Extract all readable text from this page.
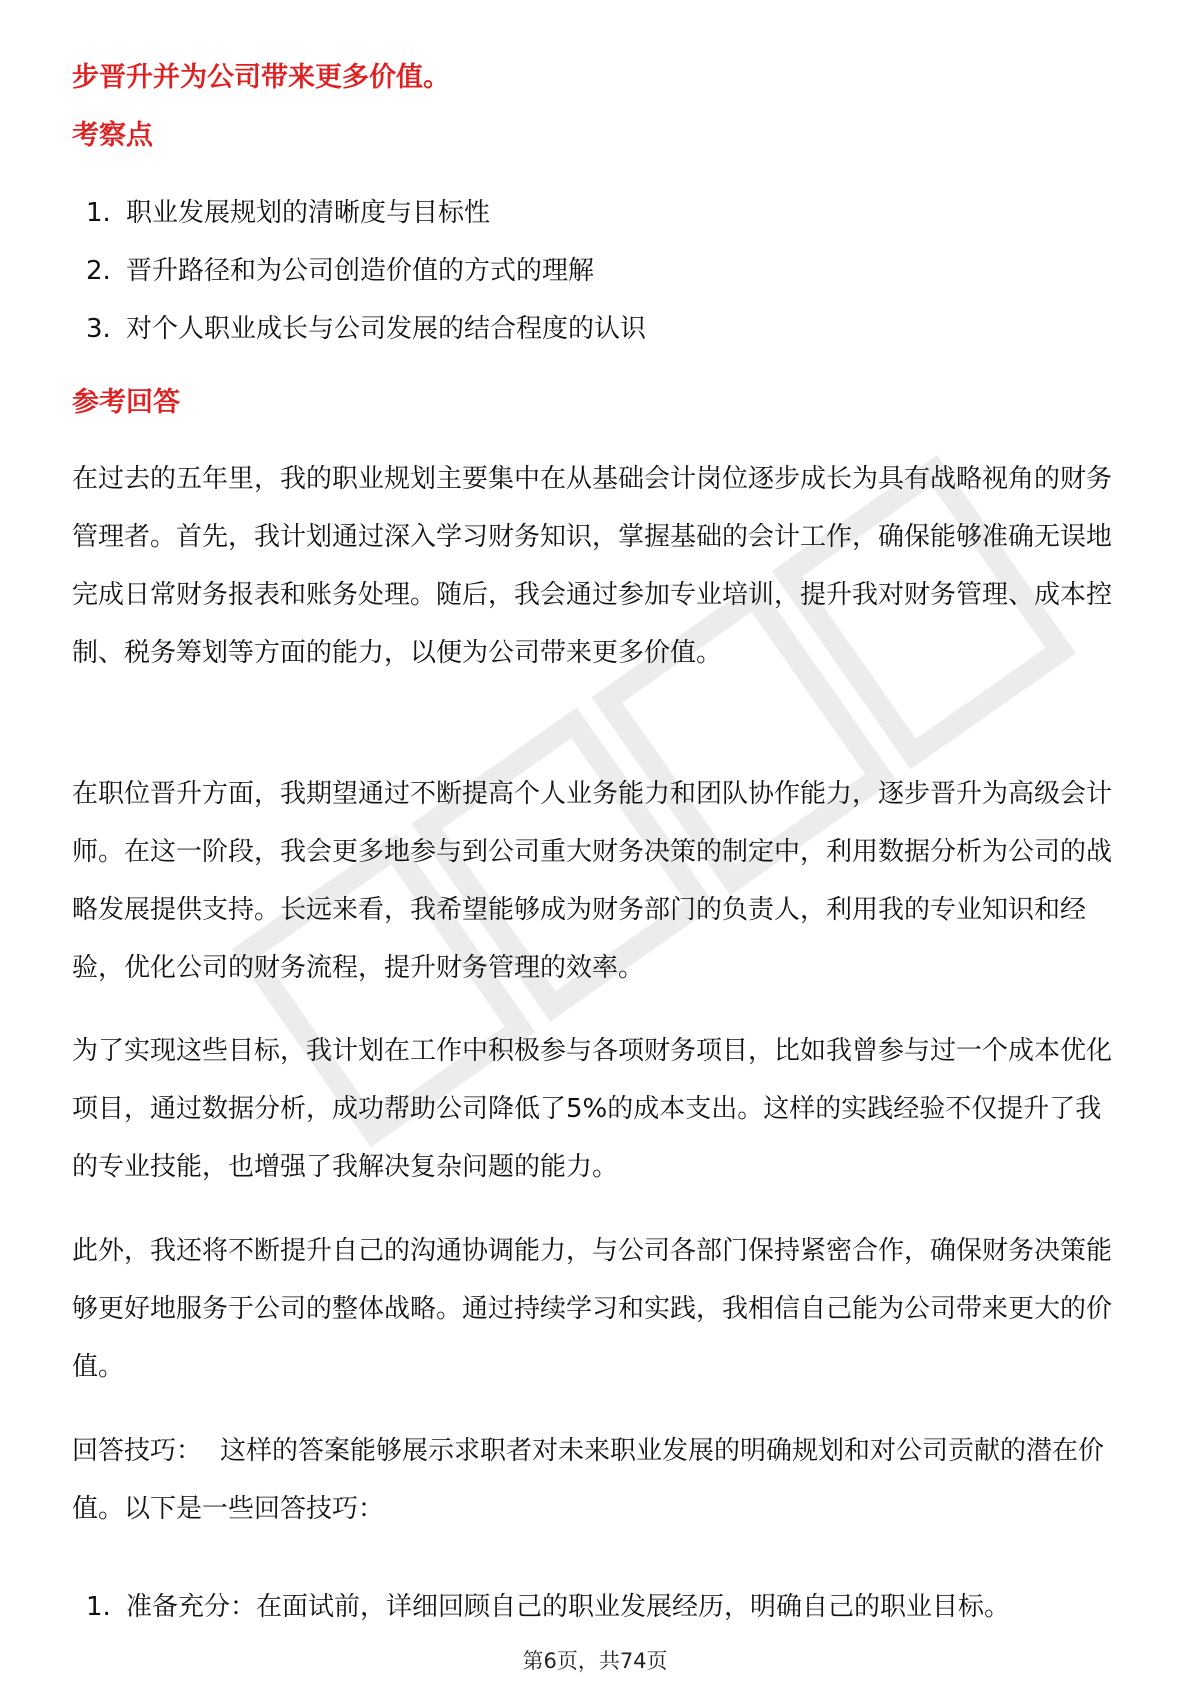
步晋升并为公司带来更多价值。

考察点
1. 职业发展规划的清晰度与目标性
2. 晋升路径和为公司创造价值的方式的理解
3. 对个人职业成长与公司发展的结合程度的认识
参考回答

在过去的五年里，我的职业规划主要集中在从基础会计岗位逐步成长为具有战略视角的财务管理者。首先，我计划通过深入学习财务知识，掌握基础的会计工作，确保能够准确无误地完成日常财务报表和账务处理。随后，我会通过参加专业培训，提升我对财务管理、成本控制、税务筹划等方面的能力，以便为公司带来更多价值。

在职位晋升方面，我期望通过不断提高个人业务能力和团队协作能力，逐步晋升为高级会计师。在这一阶段，我会更多地参与到公司重大财务决策的制定中，利用数据分析为公司的战略发展提供支持。长远来看，我希望能够成为财务部门的负责人，利用我的专业知识和经验，优化公司的财务流程，提升财务管理的效率。

为了实现这些目标，我计划在工作中积极参与各项财务项目，比如我曾参与过一个成本优化项目，通过数据分析，成功帮助公司降低了5%的成本支出。这样的实践经验不仅提升了我的专业技能，也增强了我解决复杂问题的能力。

此外，我还将不断提升自己的沟通协调能力，与公司各部门保持紧密合作，确保财务决策能够更好地服务于公司的整体战略。通过持续学习和实践，我相信自己能为公司带来更大的价值。

回答技巧： 这样的答案能够展示求职者对未来职业发展的明确规划和对公司贡献的潜在价值。以下是一些回答技巧：

1. 准备充分：在面试前，详细回顾自己的职业发展经历，明确自己的职业目标。
第6页，共74页
